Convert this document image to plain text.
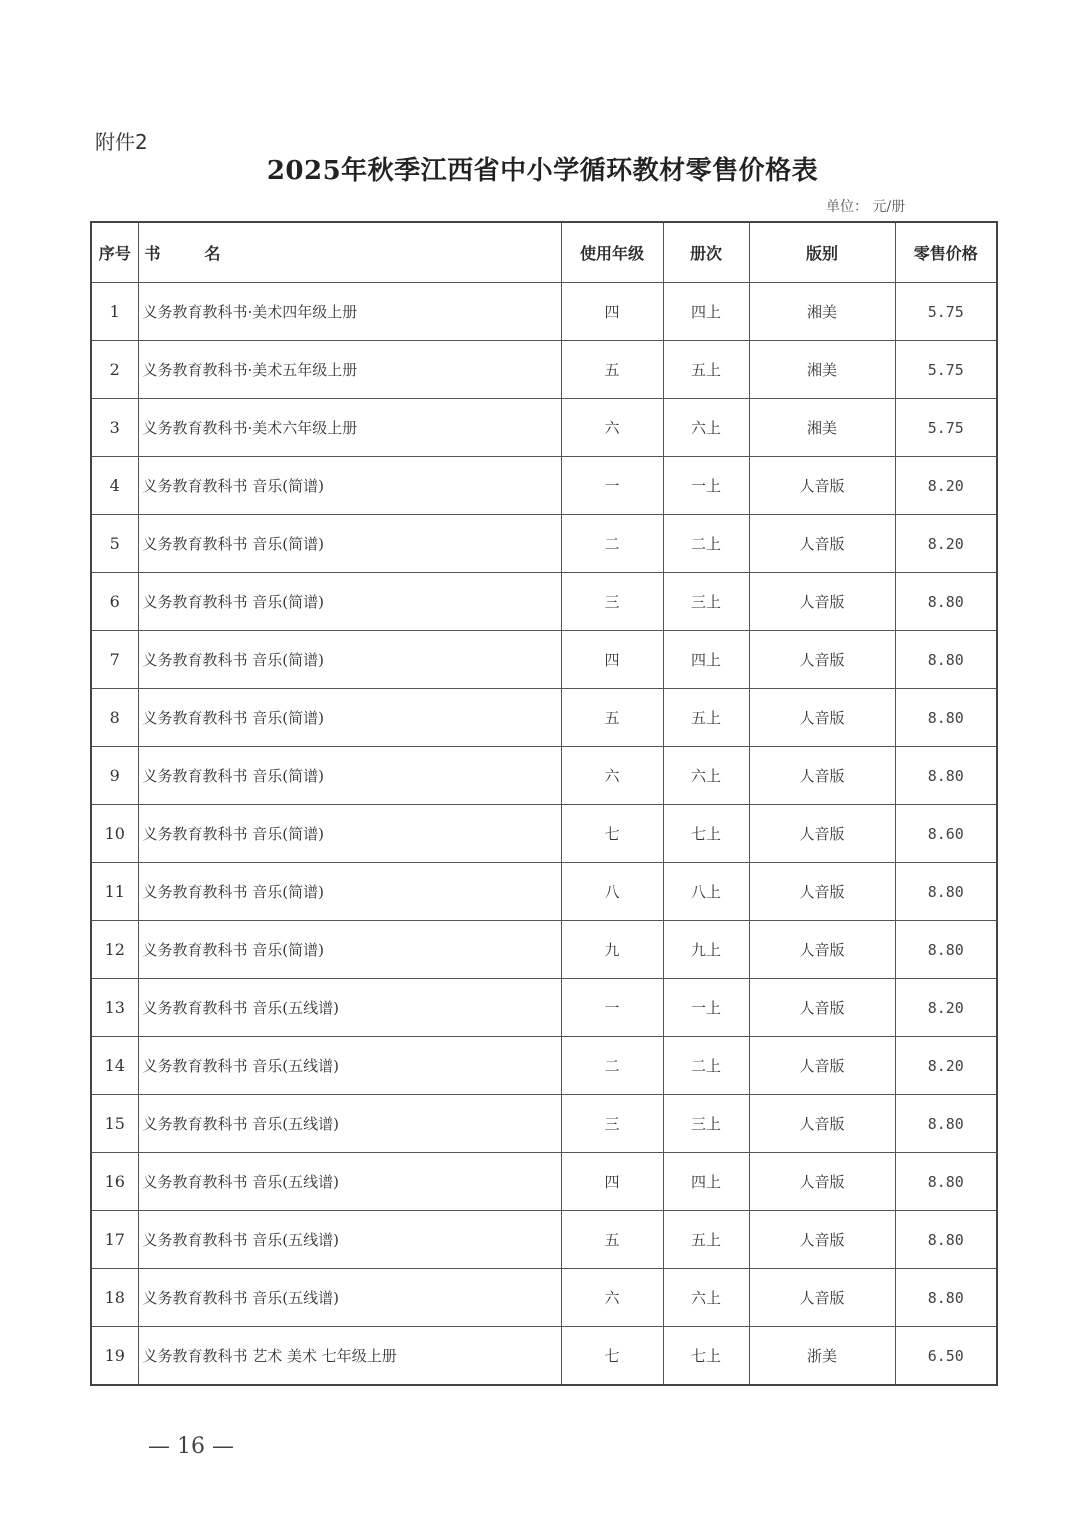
附件2
2025年秋季江西省中小学循环教材零售价格表
单位： 元/册
序号	书 名	使用年级	册次	版别	零售价格
1	义务教育教科书·美术四年级上册	四	四上	湘美	5.75
2	义务教育教科书·美术五年级上册	五	五上	湘美	5.75
3	义务教育教科书·美术六年级上册	六	六上	湘美	5.75
4	义务教育教科书 音乐(简谱)	一	一上	人音版	8.20
5	义务教育教科书 音乐(简谱)	二	二上	人音版	8.20
6	义务教育教科书 音乐(简谱)	三	三上	人音版	8.80
7	义务教育教科书 音乐(简谱)	四	四上	人音版	8.80
8	义务教育教科书 音乐(简谱)	五	五上	人音版	8.80
9	义务教育教科书 音乐(简谱)	六	六上	人音版	8.80
10	义务教育教科书 音乐(简谱)	七	七上	人音版	8.60
11	义务教育教科书 音乐(简谱)	八	八上	人音版	8.80
12	义务教育教科书 音乐(简谱)	九	九上	人音版	8.80
13	义务教育教科书 音乐(五线谱)	一	一上	人音版	8.20
14	义务教育教科书 音乐(五线谱)	二	二上	人音版	8.20
15	义务教育教科书 音乐(五线谱)	三	三上	人音版	8.80
16	义务教育教科书 音乐(五线谱)	四	四上	人音版	8.80
17	义务教育教科书 音乐(五线谱)	五	五上	人音版	8.80
18	义务教育教科书 音乐(五线谱)	六	六上	人音版	8.80
19	义务教育教科书 艺术 美术 七年级上册	七	七上	浙美	6.50
— 16 —
